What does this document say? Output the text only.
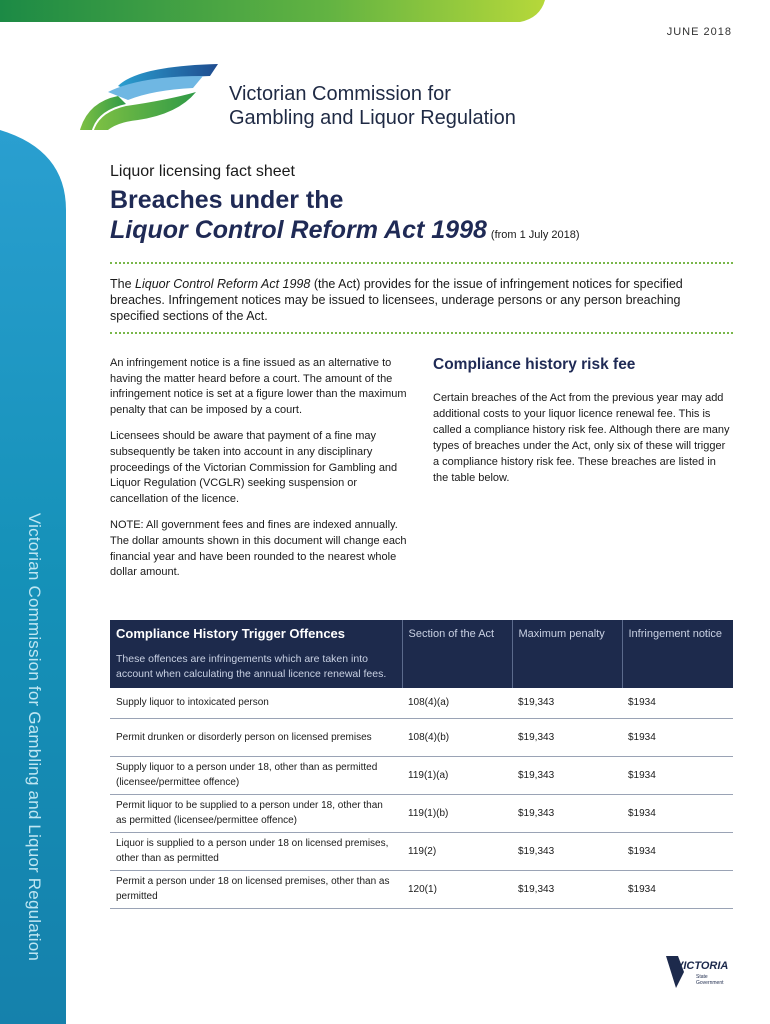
Victorian Commission for Gambling and Liquor Regulation
JUNE 2018
Victorian Commission for
Gambling and Liquor Regulation
Liquor licensing fact sheet
Breaches under the
Liquor Control Reform Act 1998 (from 1 July 2018)
The Liquor Control Reform Act 1998 (the Act) provides for the issue of infringement notices for specified breaches. Infringement notices may be issued to licensees, underage persons or any person breaching specified sections of the Act.

An infringement notice is a fine issued as an alternative to having the matter heard before a court. The amount of the infringement notice is set at a figure lower than the maximum penalty that can be imposed by a court.

Licensees should be aware that payment of a fine may subsequently be taken into account in any disciplinary proceedings of the Victorian Commission for Gambling and Liquor Regulation (VCGLR) seeking suspension or cancellation of the licence.

NOTE: All government fees and fines are indexed annually. The dollar amounts shown in this document will change each financial year and have been rounded to the nearest whole dollar amount.

Compliance history risk fee

Certain breaches of the Act from the previous year may add additional costs to your liquor licence renewal fee. This is called a compliance history risk fee. Although there are many types of breaches under the Act, only six of these will trigger a compliance history risk fee. These breaches are listed in the table below.

Compliance History Trigger Offences
These offences are infringements which are taken into account when calculating the annual licence renewal fees.	Section of the Act	Maximum penalty	Infringement notice

Supply liquor to intoxicated person	108(4)(a)	$19,343	$1934
Permit drunken or disorderly person on licensed premises	108(4)(b)	$19,343	$1934
Supply liquor to a person under 18, other than as permitted (licensee/permittee offence)	119(1)(a)	$19,343	$1934
Permit liquor to be supplied to a person under 18, other than as permitted (licensee/permittee offence)	119(1)(b)	$19,343	$1934
Liquor is supplied to a person under 18 on licensed premises, other than as permitted	119(2)	$19,343	$1934
Permit a person under 18 on licensed premises, other than as permitted	120(1)	$19,343	$1934
VICTORIA
State
Government
